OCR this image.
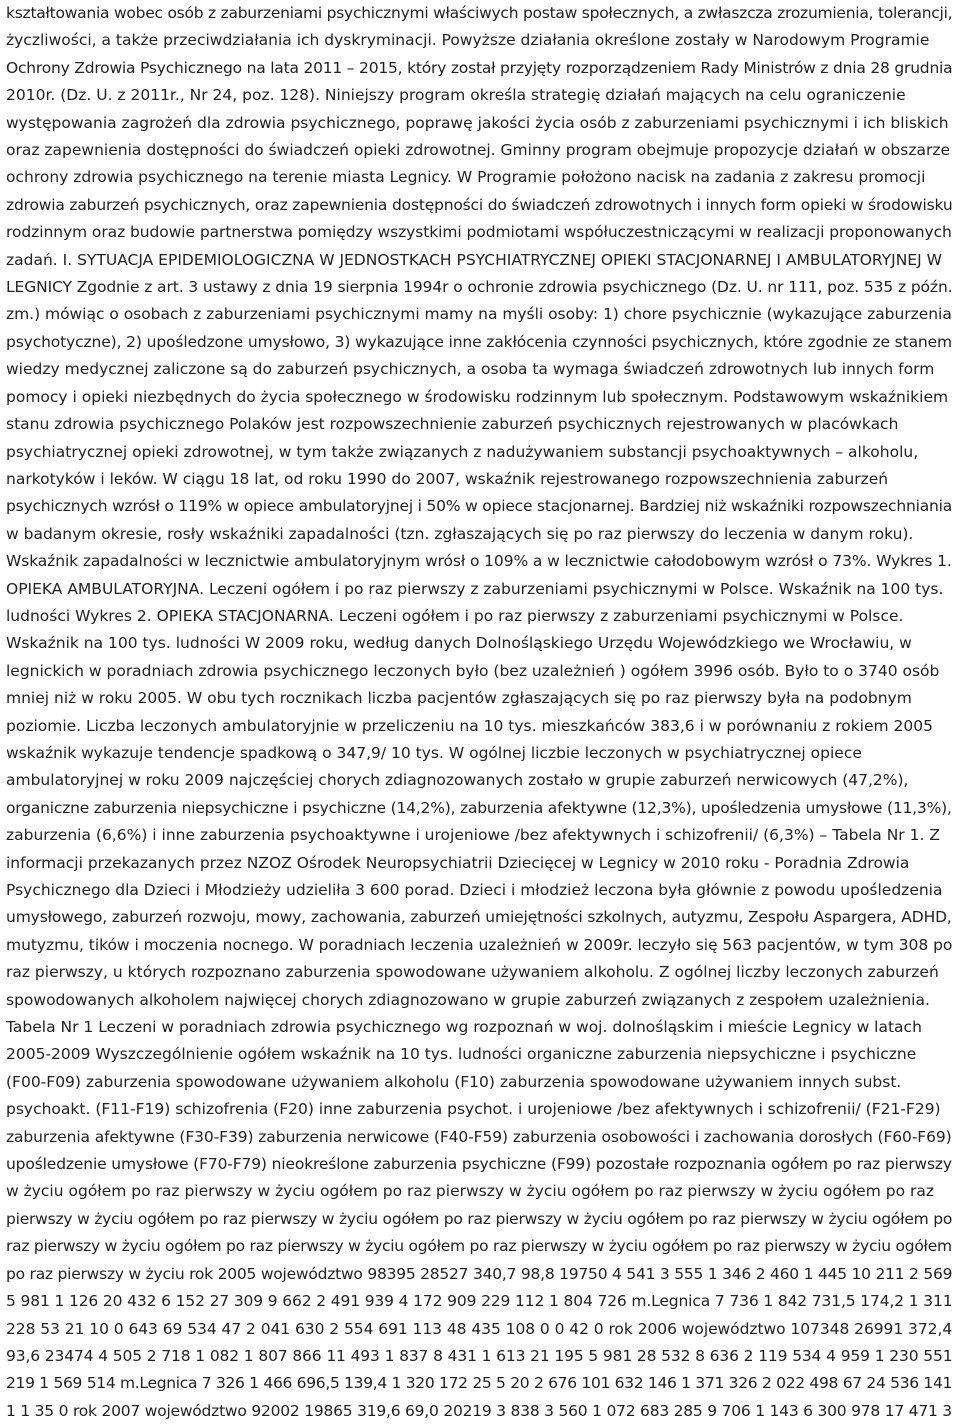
kształtowania wobec osób z zaburzeniami psychicznymi właściwych postaw społecznych, a zwłaszcza zrozumienia, tolerancji,
życzliwości, a także przeciwdziałania ich dyskryminacji. Powyższe działania określone zostały w Narodowym Programie
Ochrony Zdrowia Psychicznego na lata 2011 – 2015, który został przyjęty rozporządzeniem Rady Ministrów z dnia 28 grudnia
2010r. (Dz. U. z 2011r., Nr 24, poz. 128). Niniejszy program określa strategię działań mających na celu ograniczenie
występowania zagrożeń dla zdrowia psychicznego, poprawę jakości życia osób z zaburzeniami psychicznymi i ich bliskich
oraz zapewnienia dostępności do świadczeń opieki zdrowotnej. Gminny program obejmuje propozycje działań w obszarze
ochrony zdrowia psychicznego na terenie miasta Legnicy. W Programie położono nacisk na zadania z zakresu promocji
zdrowia zaburzeń psychicznych, oraz zapewnienia dostępności do świadczeń zdrowotnych i innych form opieki w środowisku
rodzinnym oraz budowie partnerstwa pomiędzy wszystkimi podmiotami współuczestniczącymi w realizacji proponowanych
zadań. I. SYTUACJA EPIDEMIOLOGICZNA W JEDNOSTKACH PSYCHIATRYCZNEJ OPIEKI STACJONARNEJ I AMBULATORYJNEJ W
LEGNICY Zgodnie z art. 3 ustawy z dnia 19 sierpnia 1994r o ochronie zdrowia psychicznego (Dz. U. nr 111, poz. 535 z późn.
zm.) mówiąc o osobach z zaburzeniami psychicznymi mamy na myśli osoby: 1) chore psychicznie (wykazujące zaburzenia
psychotyczne), 2) upośledzone umysłowo, 3) wykazujące inne zakłócenia czynności psychicznych, które zgodnie ze stanem
wiedzy medycznej zaliczone są do zaburzeń psychicznych, a osoba ta wymaga świadczeń zdrowotnych lub innych form
pomocy i opieki niezbędnych do życia społecznego w środowisku rodzinnym lub społecznym. Podstawowym wskaźnikiem
stanu zdrowia psychicznego Polaków jest rozpowszechnienie zaburzeń psychicznych rejestrowanych w placówkach
psychiatrycznej opieki zdrowotnej, w tym także związanych z nadużywaniem substancji psychoaktywnych – alkoholu,
narkotyków i leków. W ciągu 18 lat, od roku 1990 do 2007, wskaźnik rejestrowanego rozpowszechnienia zaburzeń
psychicznych wzrósł o 119% w opiece ambulatoryjnej i 50% w opiece stacjonarnej. Bardziej niż wskaźniki rozpowszechniania
w badanym okresie, rosły wskaźniki zapadalności (tzn. zgłaszających się po raz pierwszy do leczenia w danym roku).
Wskaźnik zapadalności w lecznictwie ambulatoryjnym wrósł o 109% a w lecznictwie całodobowym wzrósł o 73%. Wykres 1.
OPIEKA AMBULATORYJNA. Leczeni ogółem i po raz pierwszy z zaburzeniami psychicznymi w Polsce. Wskaźnik na 100 tys.
ludności Wykres 2. OPIEKA STACJONARNA. Leczeni ogółem i po raz pierwszy z zaburzeniami psychicznymi w Polsce.
Wskaźnik na 100 tys. ludności W 2009 roku, według danych Dolnośląskiego Urzędu Wojewódzkiego we Wrocławiu, w
legnickich w poradniach zdrowia psychicznego leczonych było (bez uzależnień ) ogółem 3996 osób. Było to o 3740 osób
mniej niż w roku 2005. W obu tych rocznikach liczba pacjentów zgłaszających się po raz pierwszy była na podobnym
poziomie. Liczba leczonych ambulatoryjnie w przeliczeniu na 10 tys. mieszkańców 383,6 i w porównaniu z rokiem 2005
wskaźnik wykazuje tendencje spadkową o 347,9/ 10 tys. W ogólnej liczbie leczonych w psychiatrycznej opiece
ambulatoryjnej w roku 2009 najczęściej chorych zdiagnozowanych zostało w grupie zaburzeń nerwicowych (47,2%),
organiczne zaburzenia niepsychiczne i psychiczne (14,2%), zaburzenia afektywne (12,3%), upośledzenia umysłowe (11,3%),
zaburzenia (6,6%) i inne zaburzenia psychoaktywne i urojeniowe /bez afektywnych i schizofrenii/ (6,3%) – Tabela Nr 1. Z
informacji przekazanych przez NZOZ Ośrodek Neuropsychiatrii Dziecięcej w Legnicy w 2010 roku - Poradnia Zdrowia
Psychicznego dla Dzieci i Młodzieży udzieliła 3 600 porad. Dzieci i młodzież leczona była głównie z powodu upośledzenia
umysłowego, zaburzeń rozwoju, mowy, zachowania, zaburzeń umiejętności szkolnych, autyzmu, Zespołu Aspargera, ADHD,
mutyzmu, tików i moczenia nocnego. W poradniach leczenia uzależnień w 2009r. leczyło się 563 pacjentów, w tym 308 po
raz pierwszy, u których rozpoznano zaburzenia spowodowane używaniem alkoholu. Z ogólnej liczby leczonych zaburzeń
spowodowanych alkoholem najwięcej chorych zdiagnozowano w grupie zaburzeń związanych z zespołem uzależnienia.
Tabela Nr 1 Leczeni w poradniach zdrowia psychicznego wg rozpoznań w woj. dolnośląskim i mieście Legnicy w latach
2005-2009 Wyszczególnienie ogółem wskaźnik na 10 tys. ludności organiczne zaburzenia niepsychiczne i psychiczne
(F00-F09) zaburzenia spowodowane używaniem alkoholu (F10) zaburzenia spowodowane używaniem innych subst.
psychoakt. (F11-F19) schizofrenia (F20) inne zaburzenia psychot. i urojeniowe /bez afektywnych i schizofrenii/ (F21-F29)
zaburzenia afektywne (F30-F39) zaburzenia nerwicowe (F40-F59) zaburzenia osobowości i zachowania dorosłych (F60-F69)
upośledzenie umysłowe (F70-F79) nieokreślone zaburzenia psychiczne (F99) pozostałe rozpoznania ogółem po raz pierwszy
w życiu ogółem po raz pierwszy w życiu ogółem po raz pierwszy w życiu ogółem po raz pierwszy w życiu ogółem po raz
pierwszy w życiu ogółem po raz pierwszy w życiu ogółem po raz pierwszy w życiu ogółem po raz pierwszy w życiu ogółem po
raz pierwszy w życiu ogółem po raz pierwszy w życiu ogółem po raz pierwszy w życiu ogółem po raz pierwszy w życiu ogółem
po raz pierwszy w życiu rok 2005 województwo 98395 28527 340,7 98,8 19750 4 541 3 555 1 346 2 460 1 445 10 211 2 569
5 981 1 126 20 432 6 152 27 309 9 662 2 491 939 4 172 909 229 112 1 804 726 m.Legnica 7 736 1 842 731,5 174,2 1 311
228 53 21 10 0 643 69 534 47 2 041 630 2 554 691 113 48 435 108 0 0 42 0 rok 2006 województwo 107348 26991 372,4
93,6 23474 4 505 2 718 1 082 1 807 866 11 493 1 837 8 431 1 613 21 195 5 981 28 532 8 636 2 119 534 4 959 1 230 551
219 1 569 514 m.Legnica 7 326 1 466 696,5 139,4 1 320 172 25 5 20 2 676 101 632 146 1 371 326 2 022 498 67 24 536 141
1 1 35 0 rok 2007 województwo 92002 19865 319,6 69,0 20219 3 838 3 560 1 072 683 285 9 706 1 143 6 300 978 17 471 3
